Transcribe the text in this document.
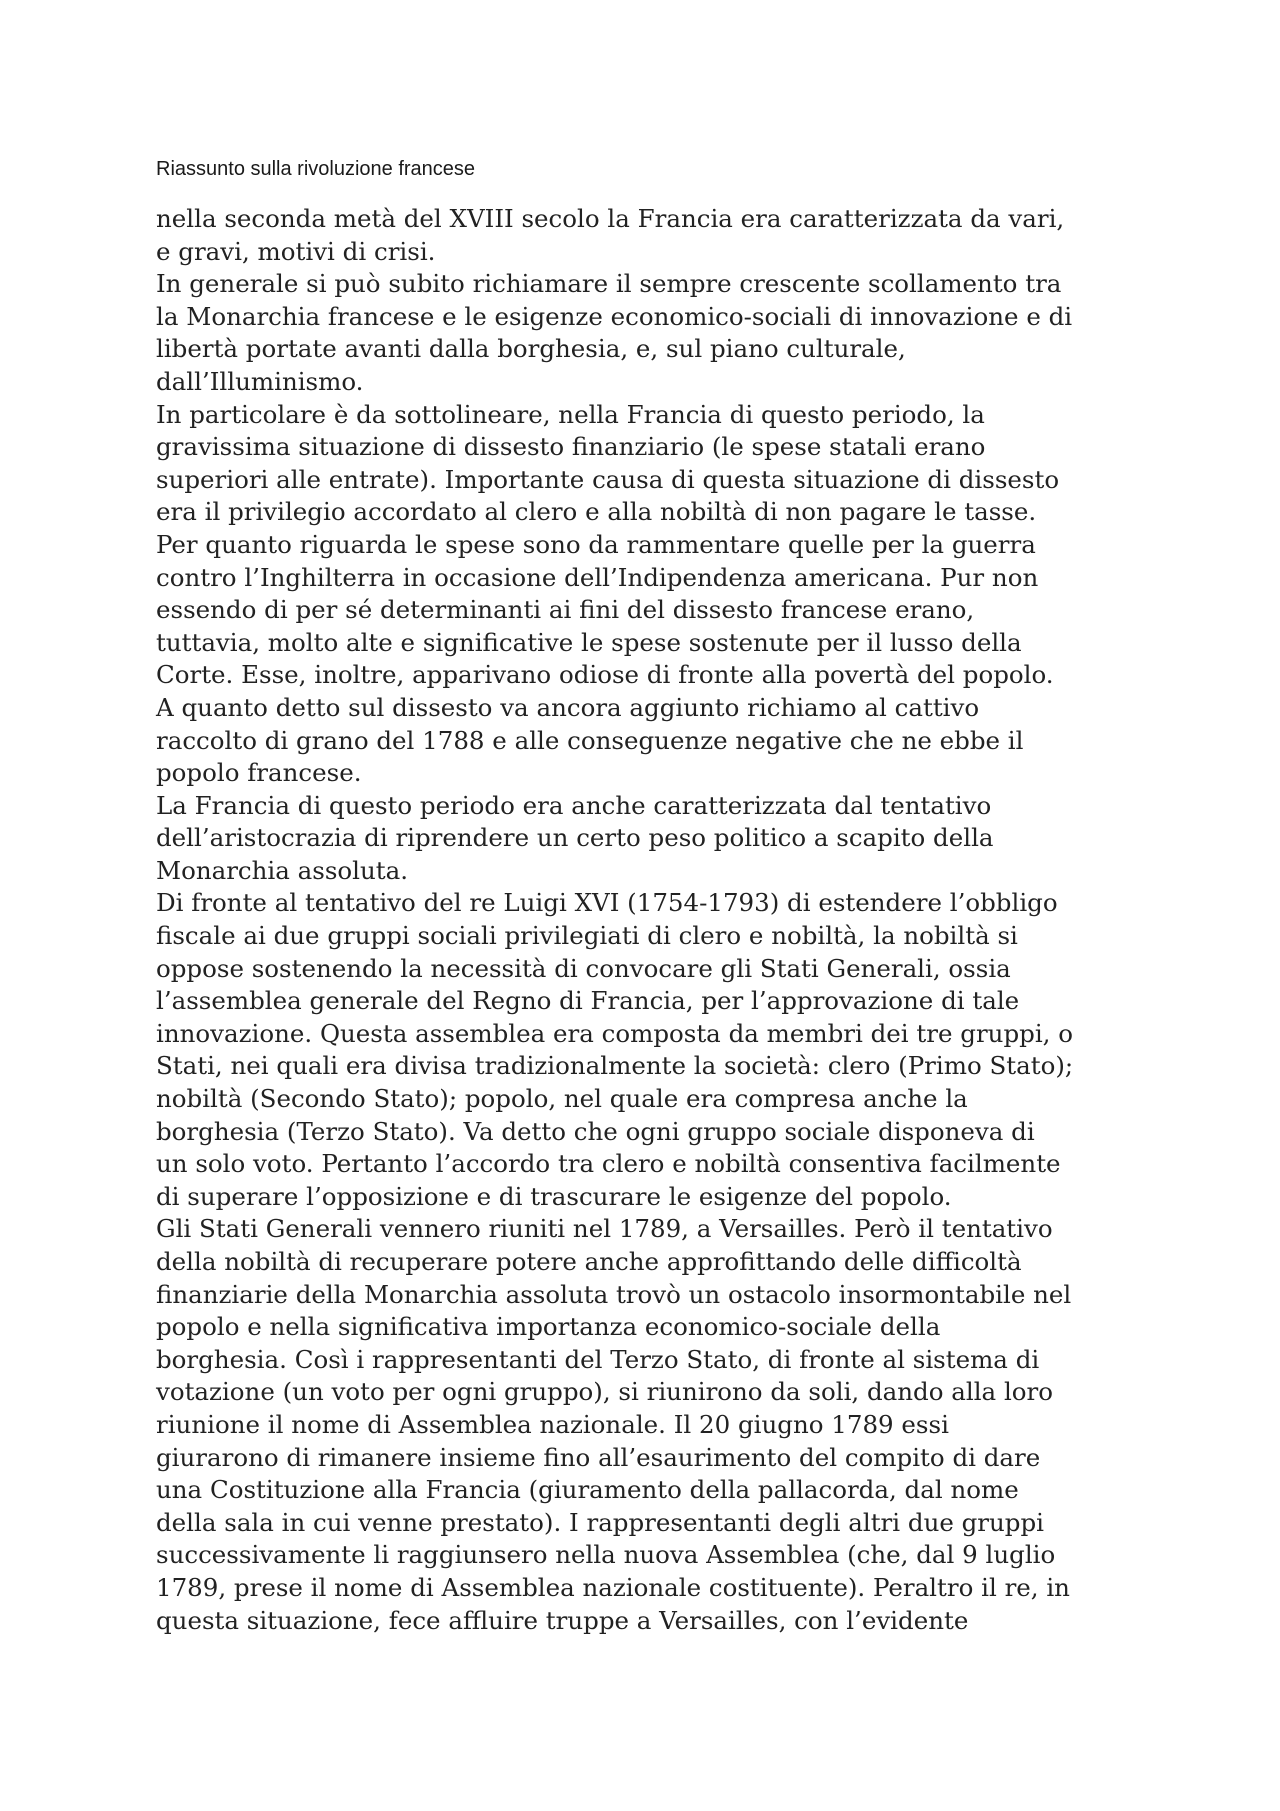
Riassunto sulla rivoluzione francese
nella seconda metà del XVIII secolo la Francia era caratterizzata da vari,
e gravi, motivi di crisi.
In generale si può subito richiamare il sempre crescente scollamento tra
la Monarchia francese e le esigenze economico-sociali di innovazione e di
libertà portate avanti dalla borghesia, e, sul piano culturale,
dall’Illuminismo.
In particolare è da sottolineare, nella Francia di questo periodo, la
gravissima situazione di dissesto finanziario (le spese statali erano
superiori alle entrate). Importante causa di questa situazione di dissesto
era il privilegio accordato al clero e alla nobiltà di non pagare le tasse.
Per quanto riguarda le spese sono da rammentare quelle per la guerra
contro l’Inghilterra in occasione dell’Indipendenza americana. Pur non
essendo di per sé determinanti ai fini del dissesto francese erano,
tuttavia, molto alte e significative le spese sostenute per il lusso della
Corte. Esse, inoltre, apparivano odiose di fronte alla povertà del popolo.
A quanto detto sul dissesto va ancora aggiunto richiamo al cattivo
raccolto di grano del 1788 e alle conseguenze negative che ne ebbe il
popolo francese.
La Francia di questo periodo era anche caratterizzata dal tentativo
dell’aristocrazia di riprendere un certo peso politico a scapito della
Monarchia assoluta.
Di fronte al tentativo del re Luigi XVI (1754-1793) di estendere l’obbligo
fiscale ai due gruppi sociali privilegiati di clero e nobiltà, la nobiltà si
oppose sostenendo la necessità di convocare gli Stati Generali, ossia
l’assemblea generale del Regno di Francia, per l’approvazione di tale
innovazione. Questa assemblea era composta da membri dei tre gruppi, o
Stati, nei quali era divisa tradizionalmente la società: clero (Primo Stato);
nobiltà (Secondo Stato); popolo, nel quale era compresa anche la
borghesia (Terzo Stato). Va detto che ogni gruppo sociale disponeva di
un solo voto. Pertanto l’accordo tra clero e nobiltà consentiva facilmente
di superare l’opposizione e di trascurare le esigenze del popolo.
Gli Stati Generali vennero riuniti nel 1789, a Versailles. Però il tentativo
della nobiltà di recuperare potere anche approfittando delle difficoltà
finanziarie della Monarchia assoluta trovò un ostacolo insormontabile nel
popolo e nella significativa importanza economico-sociale della
borghesia. Così i rappresentanti del Terzo Stato, di fronte al sistema di
votazione (un voto per ogni gruppo), si riunirono da soli, dando alla loro
riunione il nome di Assemblea nazionale. Il 20 giugno 1789 essi
giurarono di rimanere insieme fino all’esaurimento del compito di dare
una Costituzione alla Francia (giuramento della pallacorda, dal nome
della sala in cui venne prestato). I rappresentanti degli altri due gruppi
successivamente li raggiunsero nella nuova Assemblea (che, dal 9 luglio
1789, prese il nome di Assemblea nazionale costituente). Peraltro il re, in
questa situazione, fece affluire truppe a Versailles, con l’evidente
